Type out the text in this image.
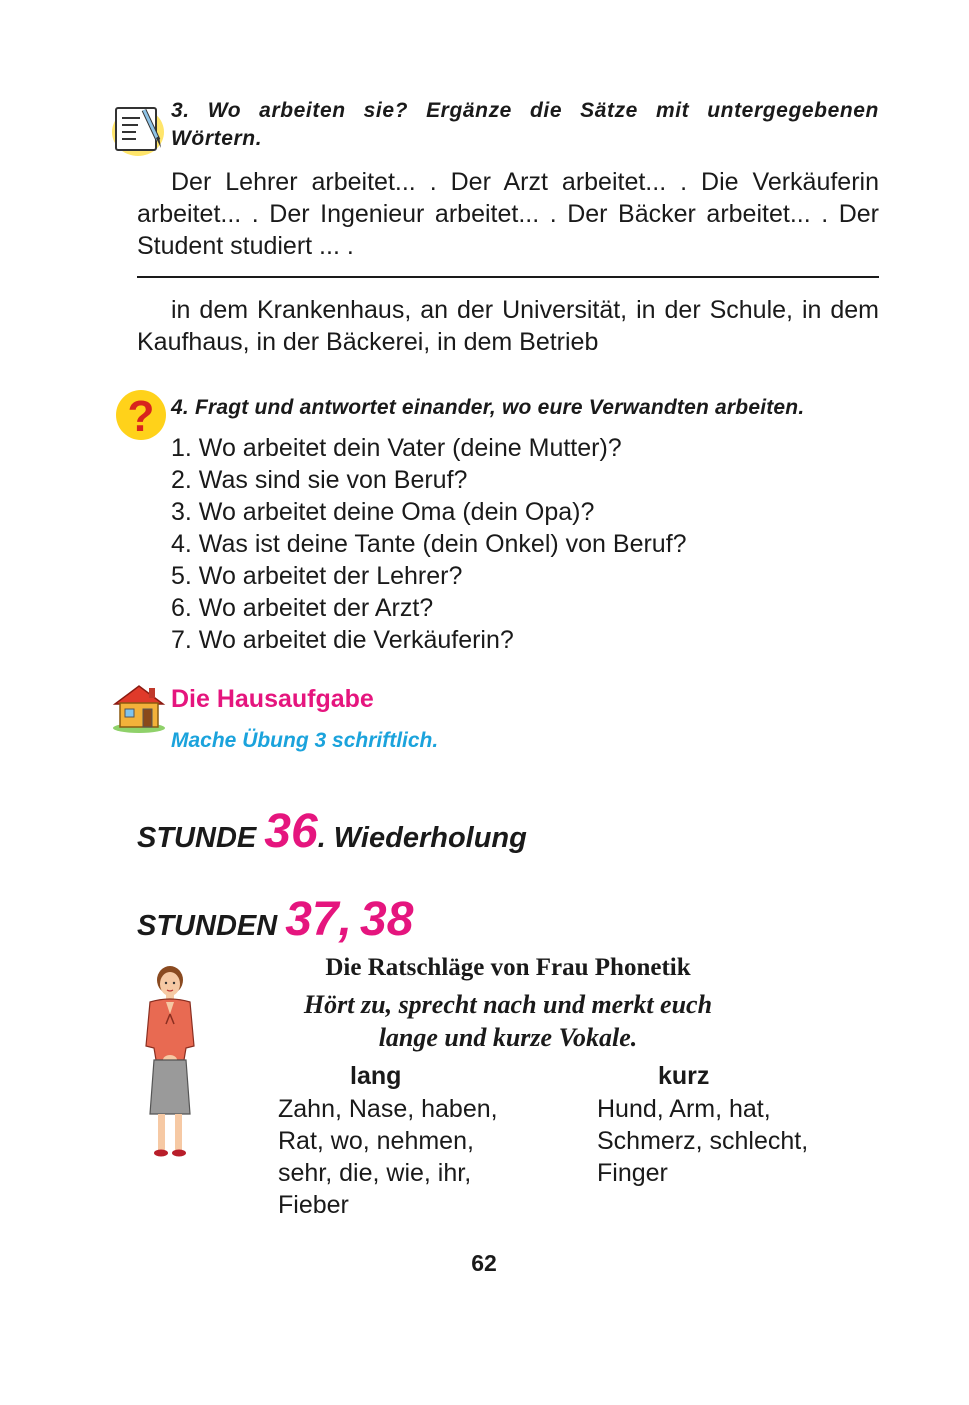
3. Wo arbeiten sie? Ergänze die Sätze mit untergegebenen Wörtern.
Der Lehrer arbeitet... . Der Arzt arbeitet... . Die Verkäuferin arbeitet... . Der Ingenieur arbeitet... . Der Bäcker arbeitet... . Der Student studiert ... .
in dem Krankenhaus, an der Universität, in der Schule, in dem Kaufhaus, in der Bäckerei, in dem Betrieb
? 4. Fragt und antwortet einander, wo eure Verwandten arbeiten.
1. Wo arbeitet dein Vater (deine Mutter)?
2. Was sind sie von Beruf?
3. Wo arbeitet deine Oma (dein Opa)?
4. Was ist deine Tante (dein Onkel) von Beruf?
5. Wo arbeitet der Lehrer?
6. Wo arbeitet der Arzt?
7. Wo arbeitet die Verkäuferin?
Die Hausaufgabe
Mache Übung 3 schriftlich.
STUNDE 36. Wiederholung
STUNDEN 37, 38
Die Ratschläge von Frau Phonetik
Hört zu, sprecht nach und merkt euch
lange und kurze Vokale.
lang	kurz
Zahn, Nase, haben,
Rat, wo, nehmen,
sehr, die, wie, ihr,
Fieber
Hund, Arm, hat,
Schmerz, schlecht,
Finger
62
